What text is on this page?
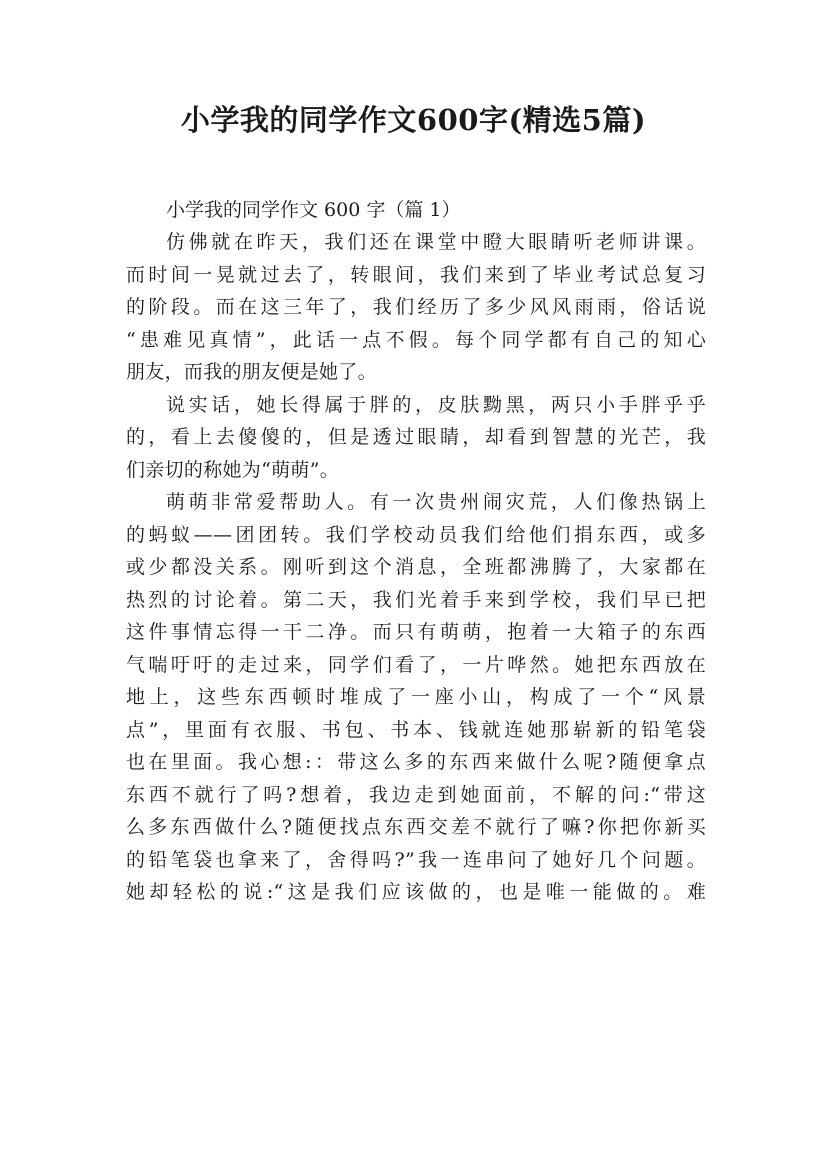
小学我的同学作文600字(精选5篇)

小学我的同学作文 600 字（篇 1）

仿佛就在昨天，我们还在课堂中瞪大眼睛听老师讲课。
而时间一晃就过去了，转眼间，我们来到了毕业考试总复习
的阶段。而在这三年了，我们经历了多少风风雨雨，俗话说
“患难见真情”，此话一点不假。每个同学都有自己的知心
朋友，而我的朋友便是她了。

说实话，她长得属于胖的，皮肤黝黑，两只小手胖乎乎
的，看上去傻傻的，但是透过眼睛，却看到智慧的光芒，我
们亲切的称她为“萌萌”。

萌萌非常爱帮助人。有一次贵州闹灾荒，人们像热锅上
的蚂蚁——团团转。我们学校动员我们给他们捐东西，或多
或少都没关系。刚听到这个消息，全班都沸腾了，大家都在
热烈的讨论着。第二天，我们光着手来到学校，我们早已把
这件事情忘得一干二净。而只有萌萌，抱着一大箱子的东西
气喘吁吁的走过来，同学们看了，一片哗然。她把东西放在
地上，这些东西顿时堆成了一座小山，构成了一个“风景
点”，里面有衣服、书包、书本、钱就连她那崭新的铅笔袋
也在里面。我心想:：带这么多的东西来做什么呢?随便拿点
东西不就行了吗?想着，我边走到她面前，不解的问:“带这
么多东西做什么?随便找点东西交差不就行了嘛?你把你新买
的铅笔袋也拿来了，舍得吗?”我一连串问了她好几个问题。
她却轻松的说:“这是我们应该做的，也是唯一能做的。难
